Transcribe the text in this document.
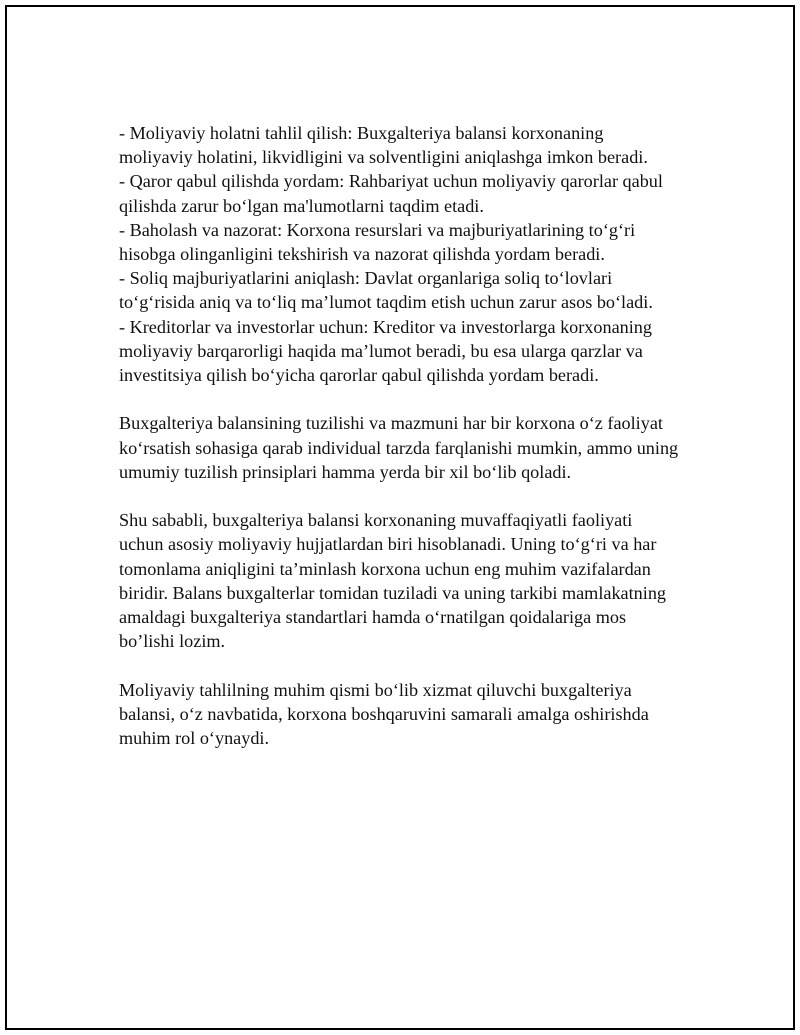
- Moliyaviy holatni tahlil qilish: Buxgalteriya balansi korxonaning
moliyaviy holatini, likvidligini va solventligini aniqlashga imkon beradi.
- Qaror qabul qilishda yordam: Rahbariyat uchun moliyaviy qarorlar qabul
qilishda zarur bo‘lgan ma'lumotlarni taqdim etadi.
- Baholash va nazorat: Korxona resurslari va majburiyatlarining to‘g‘ri
hisobga olinganligini tekshirish va nazorat qilishda yordam beradi.
- Soliq majburiyatlarini aniqlash: Davlat organlariga soliq to‘lovlari
to‘g‘risida aniq va to‘liq ma’lumot taqdim etish uchun zarur asos bo‘ladi.
- Kreditorlar va investorlar uchun: Kreditor va investorlarga korxonaning
moliyaviy barqarorligi haqida ma’lumot beradi, bu esa ularga qarzlar va
investitsiya qilish bo‘yicha qarorlar qabul qilishda yordam beradi.

Buxgalteriya balansining tuzilishi va mazmuni har bir korxona o‘z faoliyat
ko‘rsatish sohasiga qarab individual tarzda farqlanishi mumkin, ammo uning
umumiy tuzilish prinsiplari hamma yerda bir xil bo‘lib qoladi.

Shu sababli, buxgalteriya balansi korxonaning muvaffaqiyatli faoliyati
uchun asosiy moliyaviy hujjatlardan biri hisoblanadi. Uning to‘g‘ri va har
tomonlama aniqligini ta’minlash korxona uchun eng muhim vazifalardan
biridir. Balans buxgalterlar tomidan tuziladi va uning tarkibi mamlakatning
amaldagi buxgalteriya standartlari hamda o‘rnatilgan qoidalariga mos
bo’lishi lozim.

Moliyaviy tahlilning muhim qismi bo‘lib xizmat qiluvchi buxgalteriya
balansi, o‘z navbatida, korxona boshqaruvini samarali amalga oshirishda
muhim rol o‘ynaydi.
